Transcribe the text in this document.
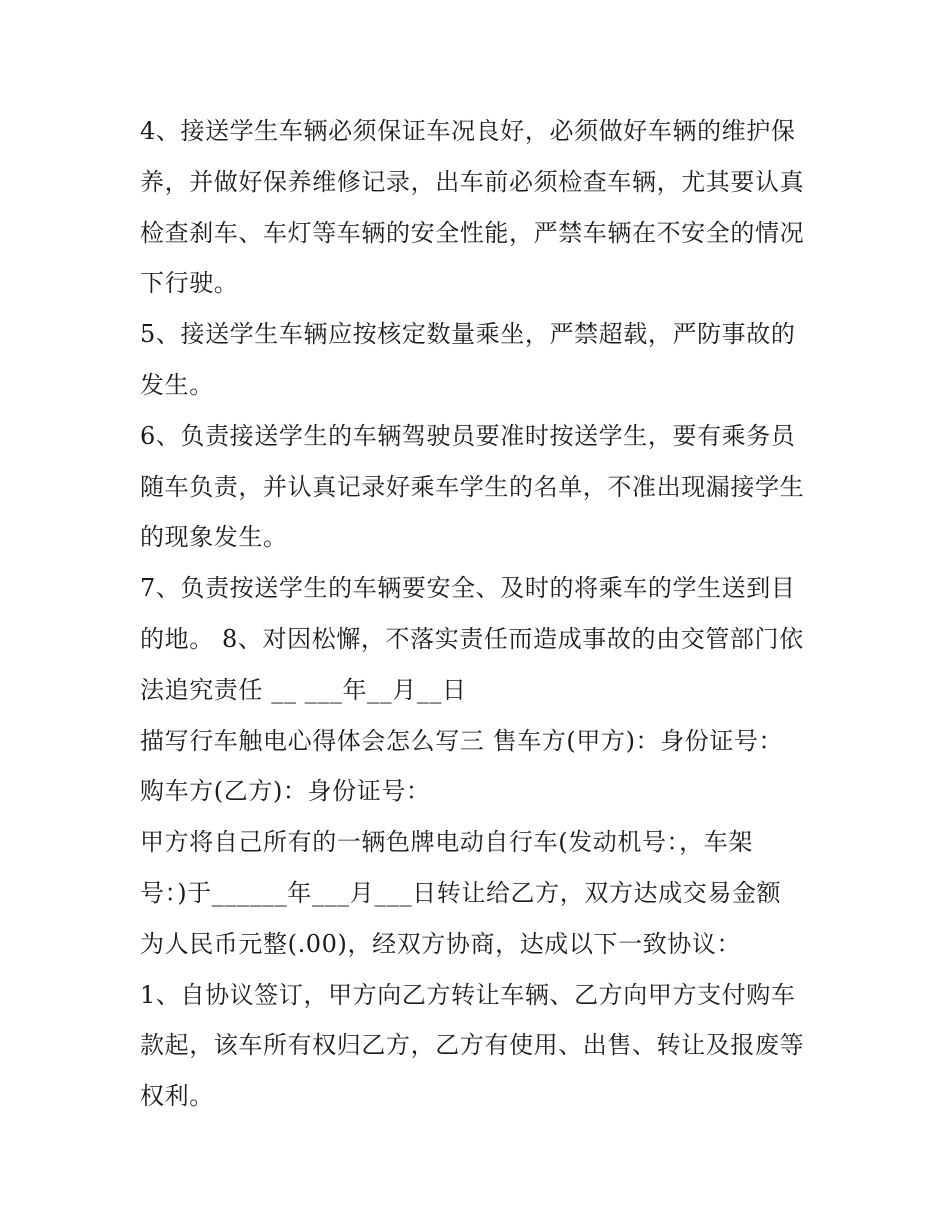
4、接送学生车辆必须保证车况良好，必须做好车辆的维护保
养，并做好保养维修记录，出车前必须检查车辆，尤其要认真
检查刹车、车灯等车辆的安全性能，严禁车辆在不安全的情况
下行驶。
5、接送学生车辆应按核定数量乘坐，严禁超载，严防事故的
发生。
6、负责接送学生的车辆驾驶员要准时按送学生，要有乘务员
随车负责，并认真记录好乘车学生的名单，不准出现漏接学生
的现象发生。
7、负责按送学生的车辆要安全、及时的将乘车的学生送到目
的地。 8、对因松懈，不落实责任而造成事故的由交管部门依
法追究责任 __ ___年__月__日
描写行车触电心得体会怎么写三 售车方(甲方)：身份证号：
购车方(乙方)：身份证号：
甲方将自己所有的一辆色牌电动自行车(发动机号：，车架
号：)于______年___月___日转让给乙方，双方达成交易金额
为人民币元整(.00)，经双方协商，达成以下一致协议：
1、自协议签订，甲方向乙方转让车辆、乙方向甲方支付购车
款起，该车所有权归乙方，乙方有使用、出售、转让及报废等
权利。
